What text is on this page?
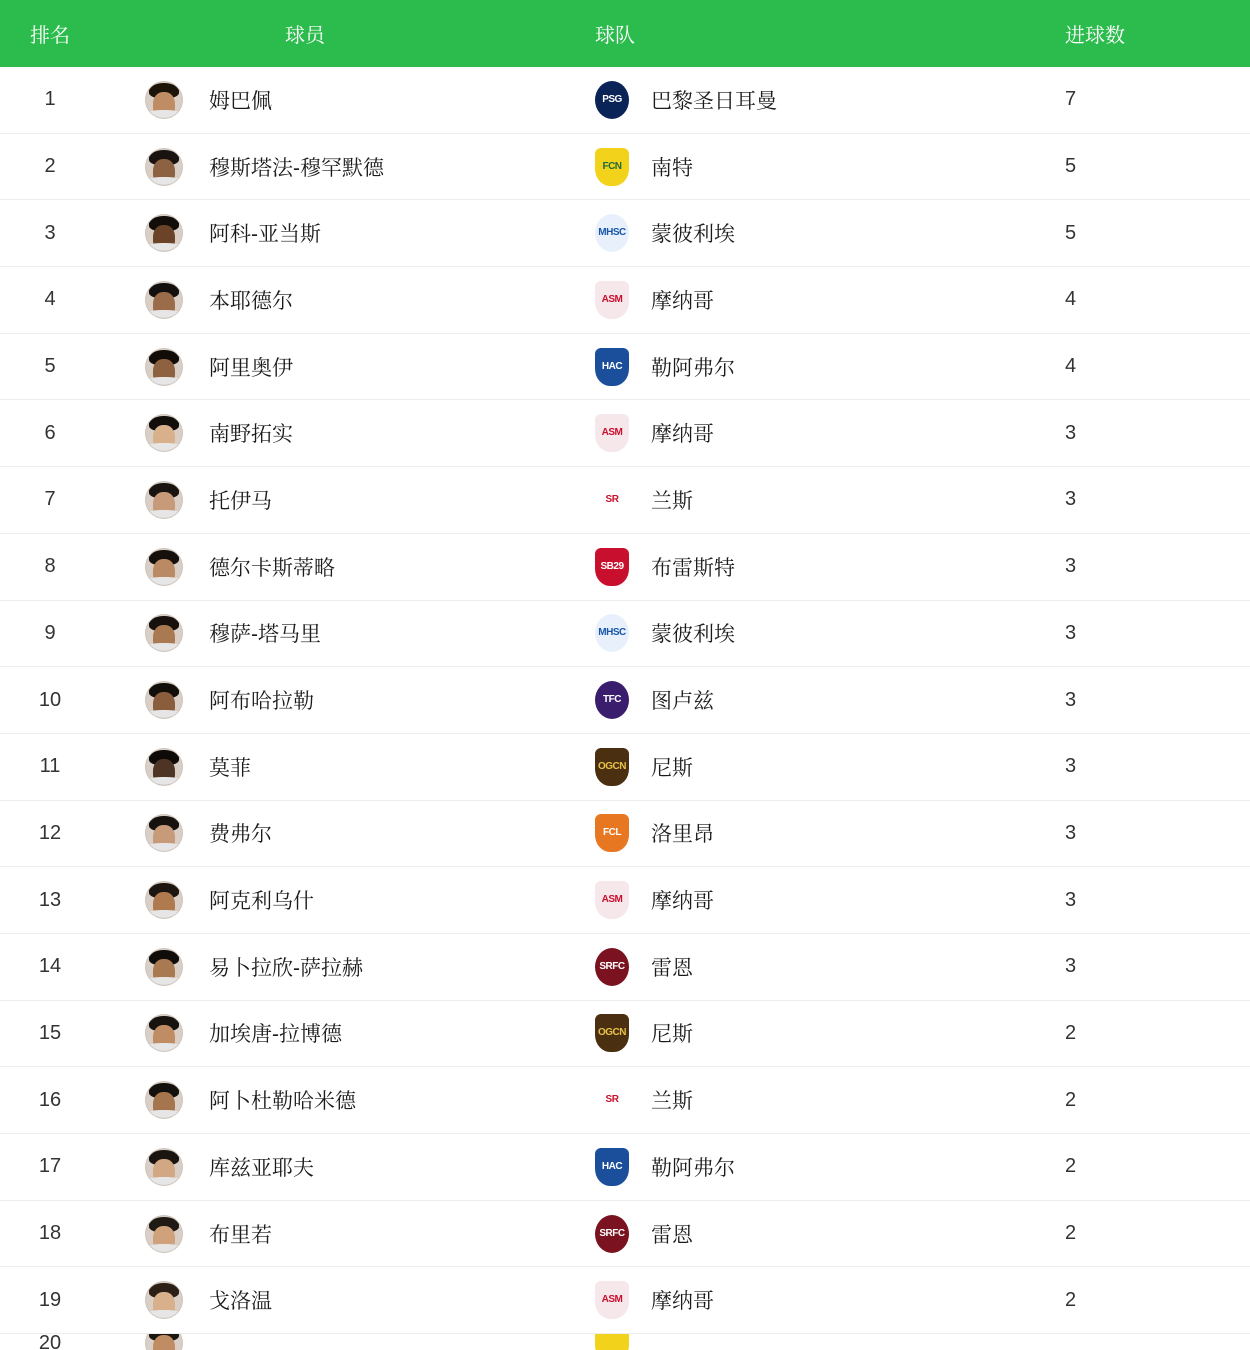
排名	球员	球队	进球数
1	姆巴佩	PSG 巴黎圣日耳曼	7
2	穆斯塔法-穆罕默德	FCN 南特	5
3	阿科-亚当斯	MHSC 蒙彼利埃	5
4	本耶德尔	ASM 摩纳哥	4
5	阿里奥伊	HAC 勒阿弗尔	4
6	南野拓实	ASM 摩纳哥	3
7	托伊马	SR 兰斯	3
8	德尔卡斯蒂略	SB29 布雷斯特	3
9	穆萨-塔马里	MHSC 蒙彼利埃	3
10	阿布哈拉勒	TFC 图卢兹	3
11	莫菲	OGCN 尼斯	3
12	费弗尔	FCL 洛里昂	3
13	阿克利乌什	ASM 摩纳哥	3
14	易卜拉欣-萨拉赫	SRFC 雷恩	3
15	加埃唐-拉博德	OGCN 尼斯	2
16	阿卜杜勒哈米德	SR 兰斯	2
17	库兹亚耶夫	HAC 勒阿弗尔	2
18	布里若	SRFC 雷恩	2
19	戈洛温	ASM 摩纳哥	2
20
